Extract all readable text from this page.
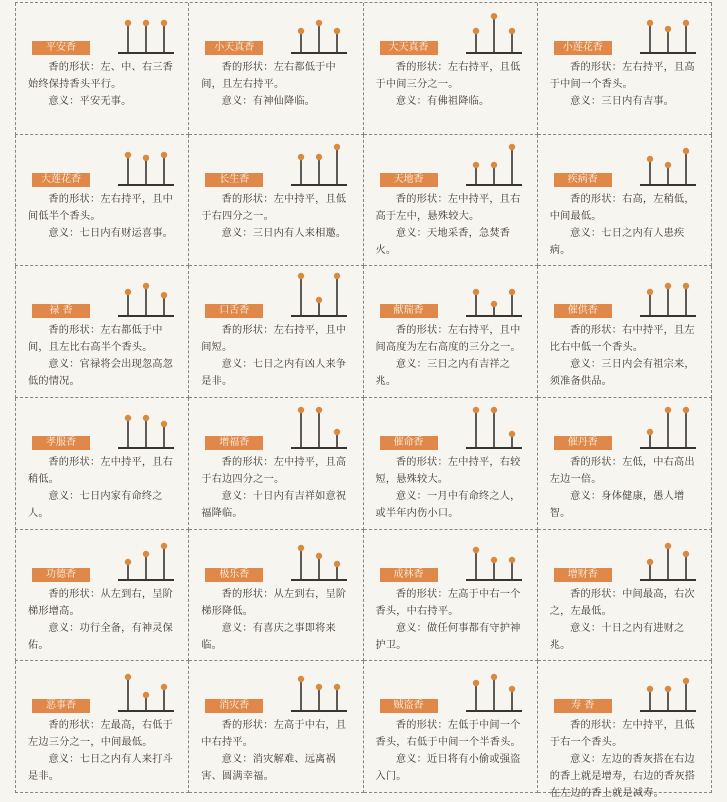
平安香

香的形状：左、中、右三香始终保持香头平行。

意义：平安无事。

小天真香

香的形状：左右都低于中间，且左右持平。

意义：有神仙降临。

大天真香

香的形状：左右持平，且低于中间三分之一。

意义：有佛祖降临。

小莲花香

香的形状：左右持平，且高于中间一个香头。

意义：三日内有吉事。

大莲花香

香的形状：左右持平，且中间低半个香头。

意义：七日内有财运喜事。

长生香

香的形状：左中持平，且低于右四分之一。

意义：三日内有人来相邀。

天地香

香的形状：左中持平，且右高于左中，悬殊较大。

意义：天地采香，急焚香火。

疾病香

香的形状：右高，左稍低，中间最低。

意义：七日之内有人患疾病。

禄 香

香的形状：左右都低于中间，且左比右高半个香头。

意义：官禄将会出现忽高忽低的情况。

口舌香

香的形状：左右持平，且中间短。

意义：七日之内有凶人来争是非。

献瑞香

香的形状：左右持平，且中间高度为左右高度的三分之一。

意义：三日之内有吉祥之兆。

催供香

香的形状：右中持平，且左比右中低一个香头。

意义：三日内会有祖宗来，须准备供品。

孝服香

香的形状：左中持平，且右稍低。

意义：七日内家有命终之人。

增福香

香的形状：左中持平，且高于右边四分之一。

意义：十日内有吉祥如意祝福降临。

催命香

香的形状：左中持平，右较短，悬殊较大。

意义：一月中有命终之人，或半年内伤小口。

催丹香

香的形状：左低，中右高出左边一倍。

意义：身体健康，愚人增智。

功德香

香的形状：从左到右，呈阶梯形增高。

意义：功行全备，有神灵保佑。

极乐香

香的形状：从左到右，呈阶梯形降低。

意义：有喜庆之事即将来临。

成林香

香的形状：左高于中右一个香头，中右持平。

意义：做任何事都有守护神护卫。

增财香

香的形状：中间最高，右次之，左最低。

意义：十日之内有进财之兆。

恶事香

香的形状：左最高，右低于左边三分之一，中间最低。

意义：七日之内有人来打斗是非。

消灾香

香的形状：左高于中右，且中右持平。

意义：消灾解难、远离祸害、圆满幸福。

贼盗香

香的形状：左低于中间一个香头，右低于中间一个半香头。

意义：近日将有小偷或强盗入门。

寿 香

香的形状：左中持平，且低于右一个香头。

意义：左边的香灰搭在右边的香上就是增寿，右边的香灰搭在左边的香上就是减寿。
